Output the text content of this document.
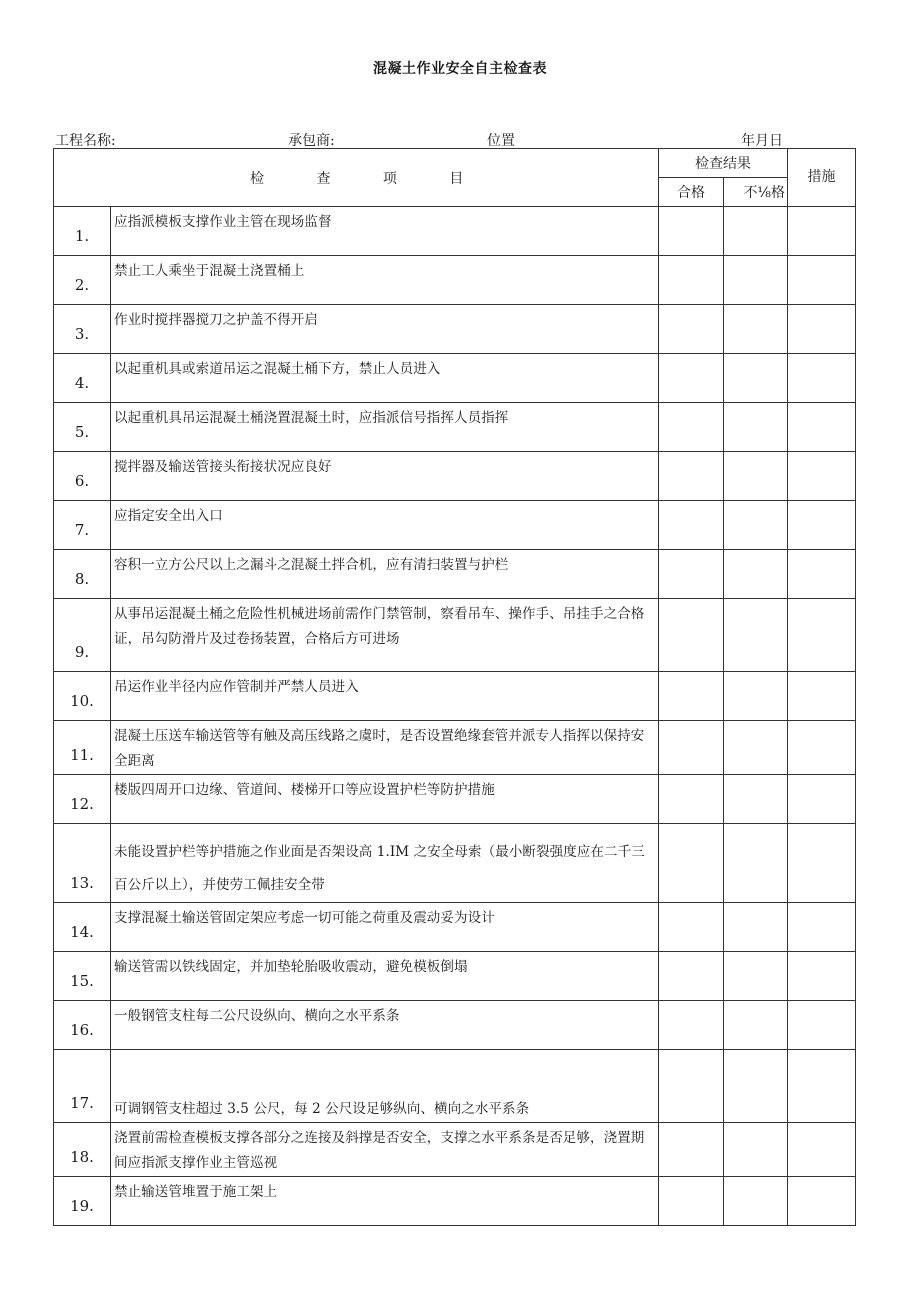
混凝土作业安全自主检查表
工程名称:	承包商:	位置	年月日
检 查 项 目		检查结果		措施
		合格	不⅛格	
1.	应指派模板支撑作业主管在现场监督			
2.	禁止工人乘坐于混凝土浇置桶上			
3.	作业时搅拌器搅刀之护盖不得开启			
4.	以起重机具或索道吊运之混凝土桶下方，禁止人员进入			
5.	以起重机具吊运混凝土桶浇置混凝土时，应指派信号指挥人员指挥			
6.	搅拌器及输送管接头衔接状况应良好			
7.	应指定安全出入口			
8.	容积一立方公尺以上之漏斗之混凝土拌合机，应有清扫装置与护栏			
9.	从事吊运混凝土桶之危险性机械进场前需作门禁管制，察看吊车、操作手、吊挂手之合格证，吊勾防滑片及过卷扬装置，合格后方可进场			
10.	吊运作业半径内应作管制并严禁人员进入			
11.	混凝土压送车输送管等有触及高压线路之虞时，是否设置绝缘套管并派专人指挥以保持安全距离			
12.	楼版四周开口边缘、管道间、楼梯开口等应设置护栏等防护措施			
13.	未能设置护栏等护措施之作业面是否架设高 1.IM 之安全母索（最小断裂强度应在二千三百公斤以上），并使劳工佩挂安全带			
14.	支撑混凝土输送管固定架应考虑一切可能之荷重及震动妥为设计			
15.	输送管需以铁线固定，并加垫轮胎吸收震动，避免模板倒塌			
16.	一般钢管支柱每二公尺设纵向、横向之水平系条			
17.	可调钢管支柱超过 3.5 公尺，每 2 公尺设足够纵向、横向之水平系条			
18.	浇置前需检查模板支撑各部分之连接及斜撑是否安全，支撑之水平系条是否足够，浇置期间应指派支撑作业主管巡视			
19.	禁止输送管堆置于施工架上			
